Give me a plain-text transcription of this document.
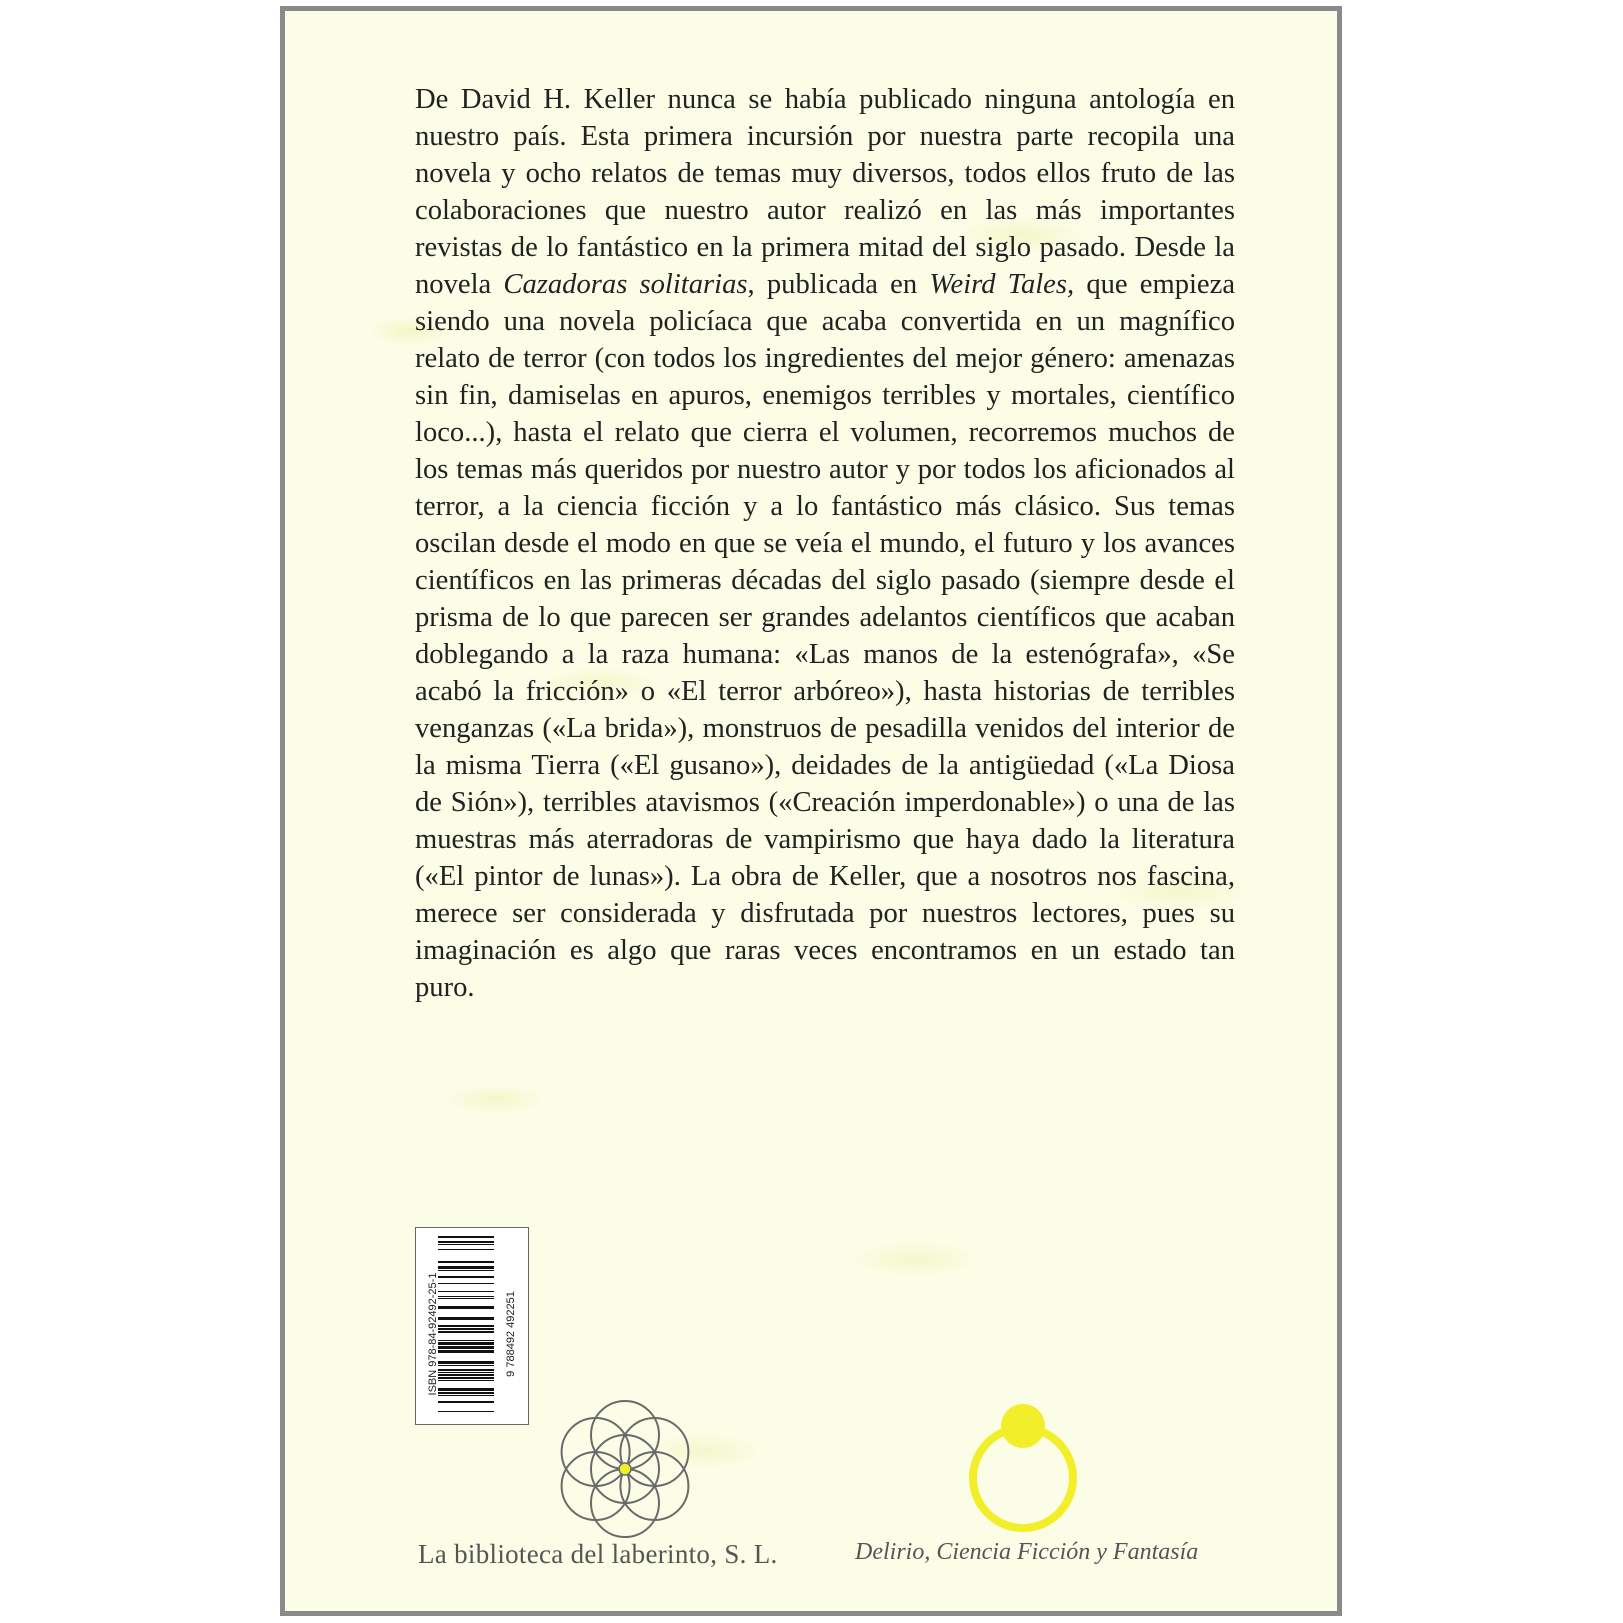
De David H. Keller nunca se había publicado ninguna antología en nuestro país. Esta primera incursión por nuestra parte recopila una novela y ocho relatos de temas muy diversos, todos ellos fruto de las colaboraciones que nuestro autor realizó en las más importantes revistas de lo fantástico en la primera mitad del siglo pasado. Desde la novela Cazadoras solitarias, publicada en Weird Tales, que empieza siendo una novela policíaca que acaba convertida en un magnífico relato de terror (con todos los ingredientes del mejor género: amenazas sin fin, damiselas en apuros, enemigos terribles y mortales, científico loco...), hasta el relato que cierra el volumen, recorremos muchos de los temas más queridos por nuestro autor y por todos los aficionados al terror, a la ciencia ficción y a lo fantástico más clásico. Sus temas oscilan desde el modo en que se veía el mundo, el futuro y los avances científicos en las primeras décadas del siglo pasado (siempre desde el prisma de lo que parecen ser grandes adelantos científicos que acaban doblegando a la raza humana: «Las manos de la estenógrafa», «Se acabó la fricción» o «El terror arbóreo»), hasta historias de terribles venganzas («La brida»), monstruos de pesadilla venidos del interior de la misma Tierra («El gusano»), deidades de la antigüedad («La Diosa de Sión»), terribles atavismos («Creación imperdonable») o una de las muestras más aterradoras de vampirismo que haya dado la literatura («El pintor de lunas»). La obra de Keller, que a nosotros nos fascina, merece ser considerada y disfrutada por nuestros lectores, pues su imaginación es algo que raras veces encontramos en un estado tan puro.

ISBN 978-84-92492-25-1	9 788492 492251
La biblioteca del laberinto, S. L.	Delirio, Ciencia Ficción y Fantasía
